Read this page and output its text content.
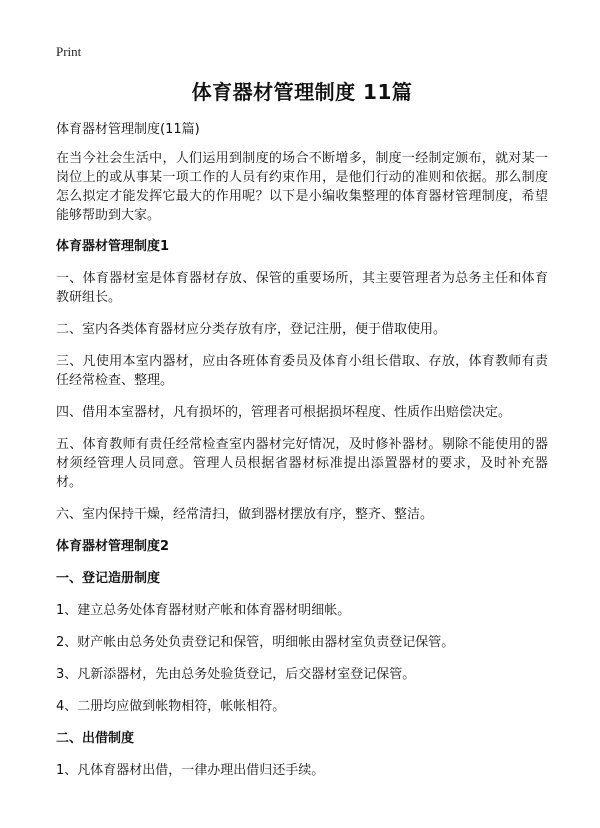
Print
体育器材管理制度 11篇
体育器材管理制度(11篇)

在当今社会生活中，人们运用到制度的场合不断增多，制度一经制定颁布，就对某一岗位上的或从事某一项工作的人员有约束作用，是他们行动的准则和依据。那么制度怎么拟定才能发挥它最大的作用呢？以下是小编收集整理的体育器材管理制度，希望能够帮助到大家。

体育器材管理制度1

一、体育器材室是体育器材存放、保管的重要场所，其主要管理者为总务主任和体育教研组长。

二、室内各类体育器材应分类存放有序，登记注册，便于借取使用。

三、凡使用本室内器材，应由各班体育委员及体育小组长借取、存放，体育教师有责任经常检查、整理。

四、借用本室器材，凡有损坏的，管理者可根据损坏程度、性质作出赔偿决定。

五、体育教师有责任经常检查室内器材完好情况，及时修补器材。剔除不能使用的器材须经管理人员同意。管理人员根据省器材标准提出添置器材的要求，及时补充器材。

六、室内保持干燥，经常清扫，做到器材摆放有序，整齐、整洁。

体育器材管理制度2
一、登记造册制度

1、建立总务处体育器材财产帐和体育器材明细帐。

2、财产帐由总务处负责登记和保管，明细帐由器材室负责登记保管。

3、凡新添器材，先由总务处验货登记，后交器材室登记保管。

4、二册均应做到帐物相符，帐帐相符。

二、出借制度

1、凡体育器材出借，一律办理出借归还手续。
